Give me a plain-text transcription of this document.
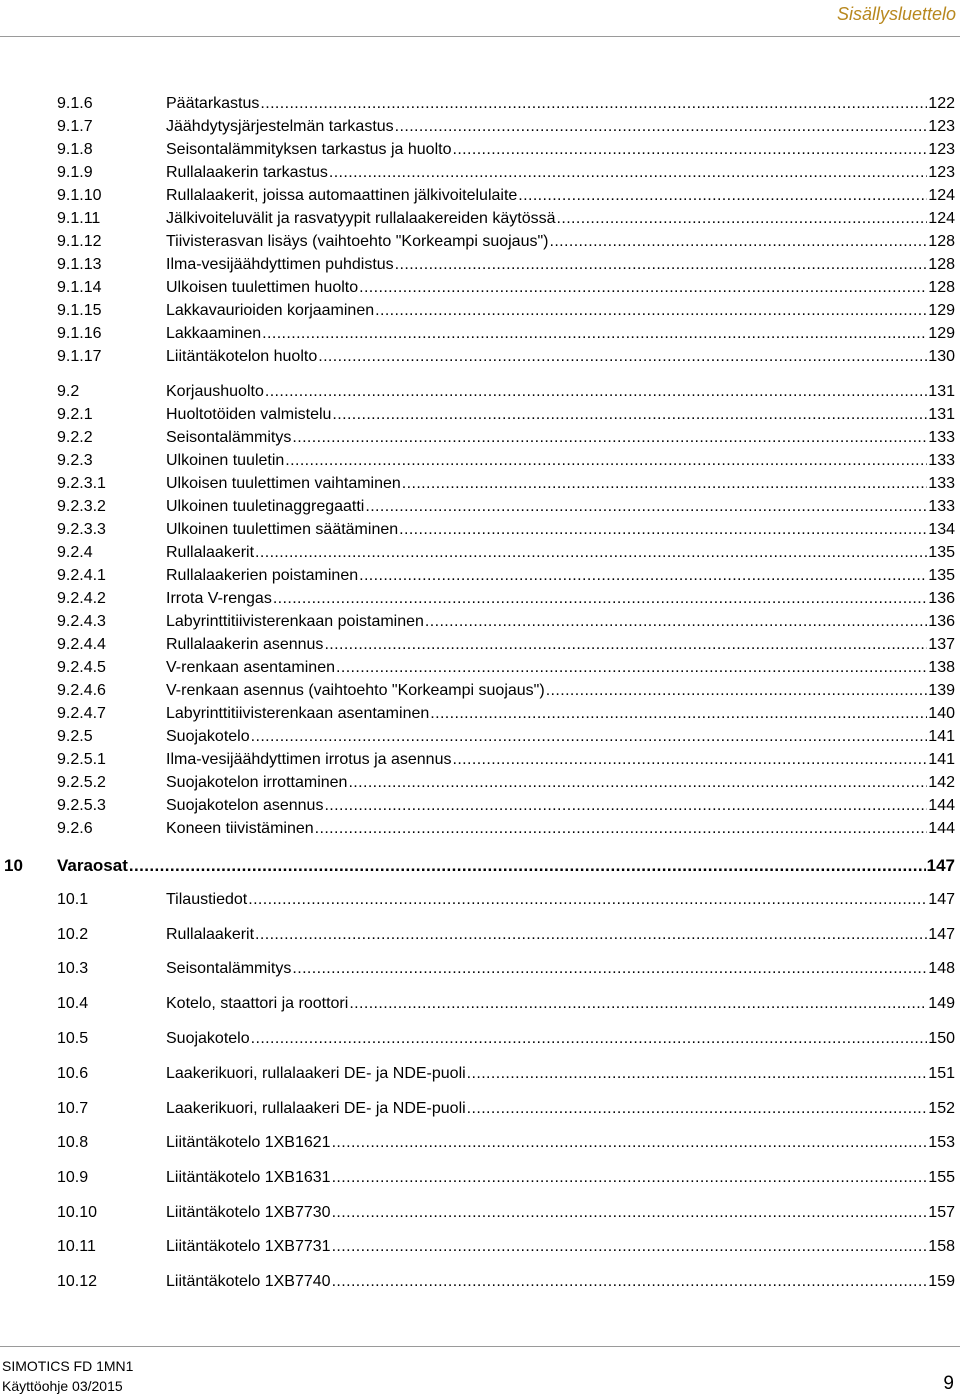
Sisällysluettelo
9.1.6	Päätarkastus .....	122
9.1.7	Jäähdytysjärjestelmän tarkastus .....	123
9.1.8	Seisontalämmityksen tarkastus ja huolto .....	123
9.1.9	Rullalaakerin tarkastus .....	123
9.1.10	Rullalaakerit, joissa automaattinen jälkivoitelulaite .....	124
9.1.11	Jälkivoiteluvälit ja rasvatyypit rullalaakereiden käytössä .....	124
9.1.12	Tiivisterasvan lisäys (vaihtoehto "Korkeampi suojaus") .....	128
9.1.13	Ilma-vesijäähdyttimen puhdistus .....	128
9.1.14	Ulkoisen tuulettimen huolto .....	128
9.1.15	Lakkavaurioiden korjaaminen .....	129
9.1.16	Lakkaaminen .....	129
9.1.17	Liitäntäkotelon huolto .....	130
9.2	Korjaushuolto .....	131
9.2.1	Huoltotöiden valmistelu .....	131
9.2.2	Seisontalämmitys .....	133
9.2.3	Ulkoinen tuuletin .....	133
9.2.3.1	Ulkoisen tuulettimen vaihtaminen .....	133
9.2.3.2	Ulkoinen tuuletinaggregaatti .....	133
9.2.3.3	Ulkoinen tuulettimen säätäminen .....	134
9.2.4	Rullalaakerit .....	135
9.2.4.1	Rullalaakerien poistaminen .....	135
9.2.4.2	Irrota V-rengas .....	136
9.2.4.3	Labyrinttitiivisterenkaan poistaminen .....	136
9.2.4.4	Rullalaakerin asennus .....	137
9.2.4.5	V-renkaan asentaminen .....	138
9.2.4.6	V-renkaan asennus (vaihtoehto "Korkeampi suojaus") .....	139
9.2.4.7	Labyrinttitiivisterenkaan asentaminen .....	140
9.2.5	Suojakotelo .....	141
9.2.5.1	Ilma-vesijäähdyttimen irrotus ja asennus .....	141
9.2.5.2	Suojakotelon irrottaminen .....	142
9.2.5.3	Suojakotelon asennus .....	144
9.2.6	Koneen tiivistäminen .....	144
10 Varaosat .....	147
10.1	Tilaustiedot .....	147
10.2	Rullalaakerit .....	147
10.3	Seisontalämmitys .....	148
10.4	Kotelo, staattori ja roottori .....	149
10.5	Suojakotelo .....	150
10.6	Laakerikuori, rullalaakeri DE- ja NDE-puoli .....	151
10.7	Laakerikuori, rullalaakeri DE- ja NDE-puoli .....	152
10.8	Liitäntäkotelo 1XB1621 .....	153
10.9	Liitäntäkotelo 1XB1631 .....	155
10.10	Liitäntäkotelo 1XB7730 .....	157
10.11	Liitäntäkotelo 1XB7731 .....	158
10.12	Liitäntäkotelo 1XB7740 .....	159
SIMOTICS FD 1MN1
Käyttöohje 03/2015	9
